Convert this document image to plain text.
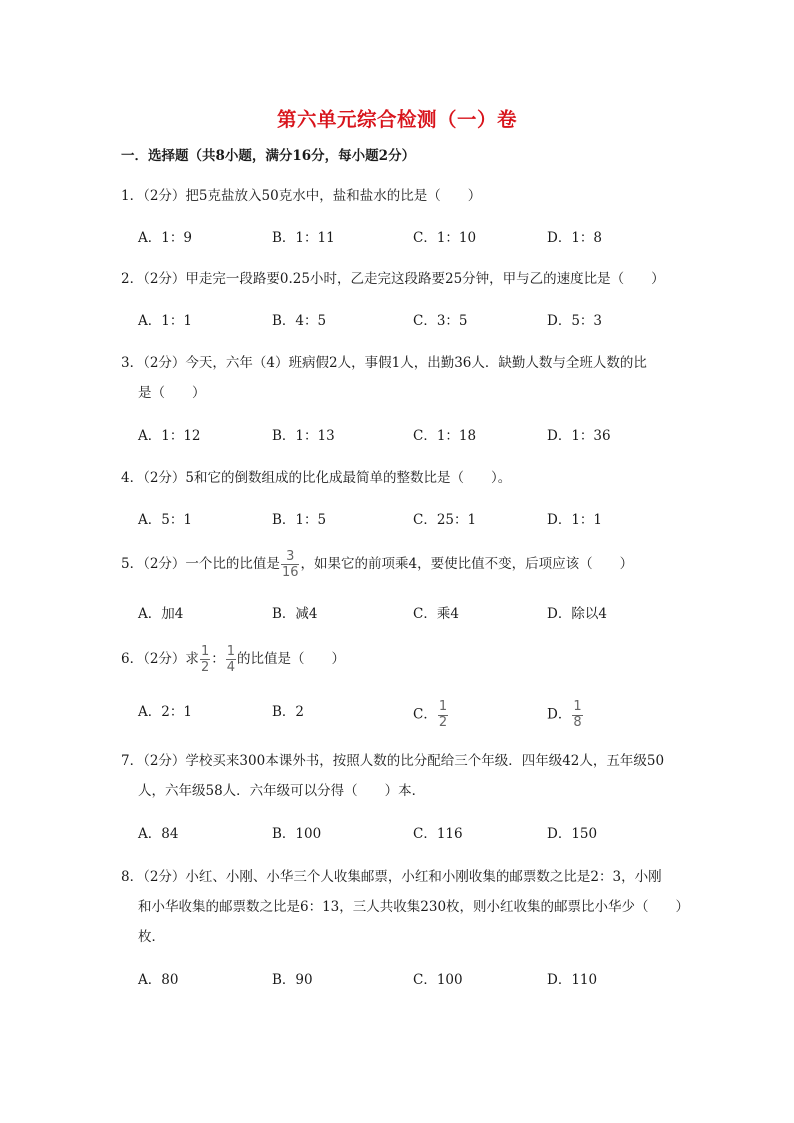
第六单元综合检测（一）卷
一．选择题（共8小题，满分16分，每小题2分）
1．（2分）把5克盐放入50克水中，盐和盐水的比是（　　）
A．1：9	B．1：11	C．1：10	D．1：8
2．（2分）甲走完一段路要0.25小时，乙走完这段路要25分钟，甲与乙的速度比是（　　）
A．1：1	B．4：5	C．3：5	D．5：3
3．（2分）今天，六年（4）班病假2人，事假1人，出勤36人．缺勤人数与全班人数的比
是（　　）
A．1：12	B．1：13	C．1：18	D．1：36
4．（2分）5和它的倒数组成的比化成最简单的整数比是（　　）。
A．5：1	B．1：5	C．25：1	D．1：1
5．（2分）一个比的比值是 $\frac{3}{16}$ ，如果它的前项乘4，要使比值不变，后项应该（　　）
A．加4	B．减4	C．乘4	D．除以4
6．（2分）求 $\frac{1}{2}$ ： $\frac{1}{4}$ 的比值是（　　）
A．2：1	B．2	C． $\frac{1}{2}$	D． $\frac{1}{8}$
7．（2分）学校买来300本课外书，按照人数的比分配给三个年级．四年级42人，五年级50
人，六年级58人．六年级可以分得（　　）本．
A．84	B．100	C．116	D．150
8．（2分）小红、小刚、小华三个人收集邮票，小红和小刚收集的邮票数之比是2：3，小刚
和小华收集的邮票数之比是6：13，三人共收集230枚，则小红收集的邮票比小华少（　　）
枚．
A．80	B．90	C．100	D．110
